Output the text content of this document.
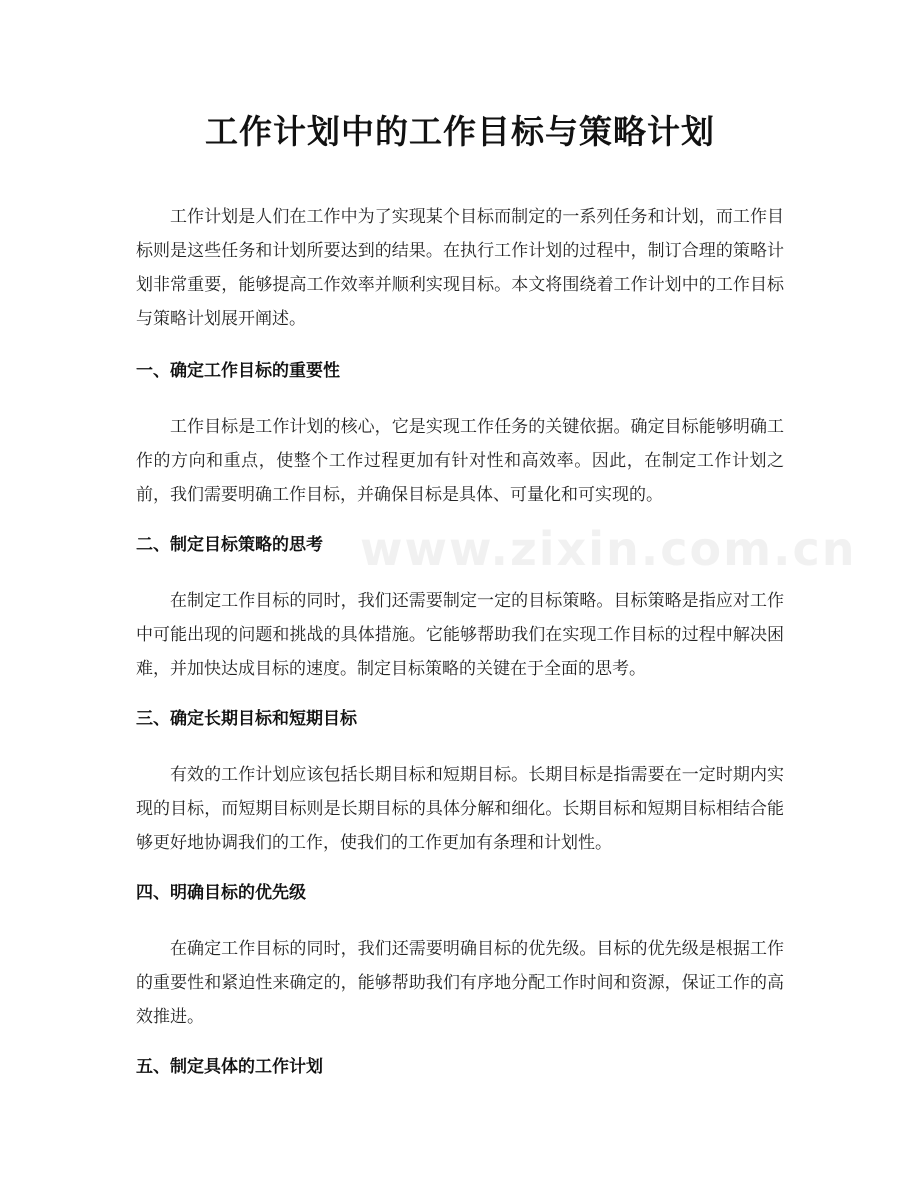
工作计划中的工作目标与策略计划

工作计划是人们在工作中为了实现某个目标而制定的一系列任务和计划，而工作目标则是这些任务和计划所要达到的结果。在执行工作计划的过程中，制订合理的策略计划非常重要，能够提高工作效率并顺利实现目标。本文将围绕着工作计划中的工作目标与策略计划展开阐述。

一、确定工作目标的重要性

工作目标是工作计划的核心，它是实现工作任务的关键依据。确定目标能够明确工作的方向和重点，使整个工作过程更加有针对性和高效率。因此，在制定工作计划之前，我们需要明确工作目标，并确保目标是具体、可量化和可实现的。

二、制定目标策略的思考

在制定工作目标的同时，我们还需要制定一定的目标策略。目标策略是指应对工作中可能出现的问题和挑战的具体措施。它能够帮助我们在实现工作目标的过程中解决困难，并加快达成目标的速度。制定目标策略的关键在于全面的思考。

三、确定长期目标和短期目标

有效的工作计划应该包括长期目标和短期目标。长期目标是指需要在一定时期内实现的目标，而短期目标则是长期目标的具体分解和细化。长期目标和短期目标相结合能够更好地协调我们的工作，使我们的工作更加有条理和计划性。

四、明确目标的优先级

在确定工作目标的同时，我们还需要明确目标的优先级。目标的优先级是根据工作的重要性和紧迫性来确定的，能够帮助我们有序地分配工作时间和资源，保证工作的高效推进。

五、制定具体的工作计划
www.zixin.com.cn
